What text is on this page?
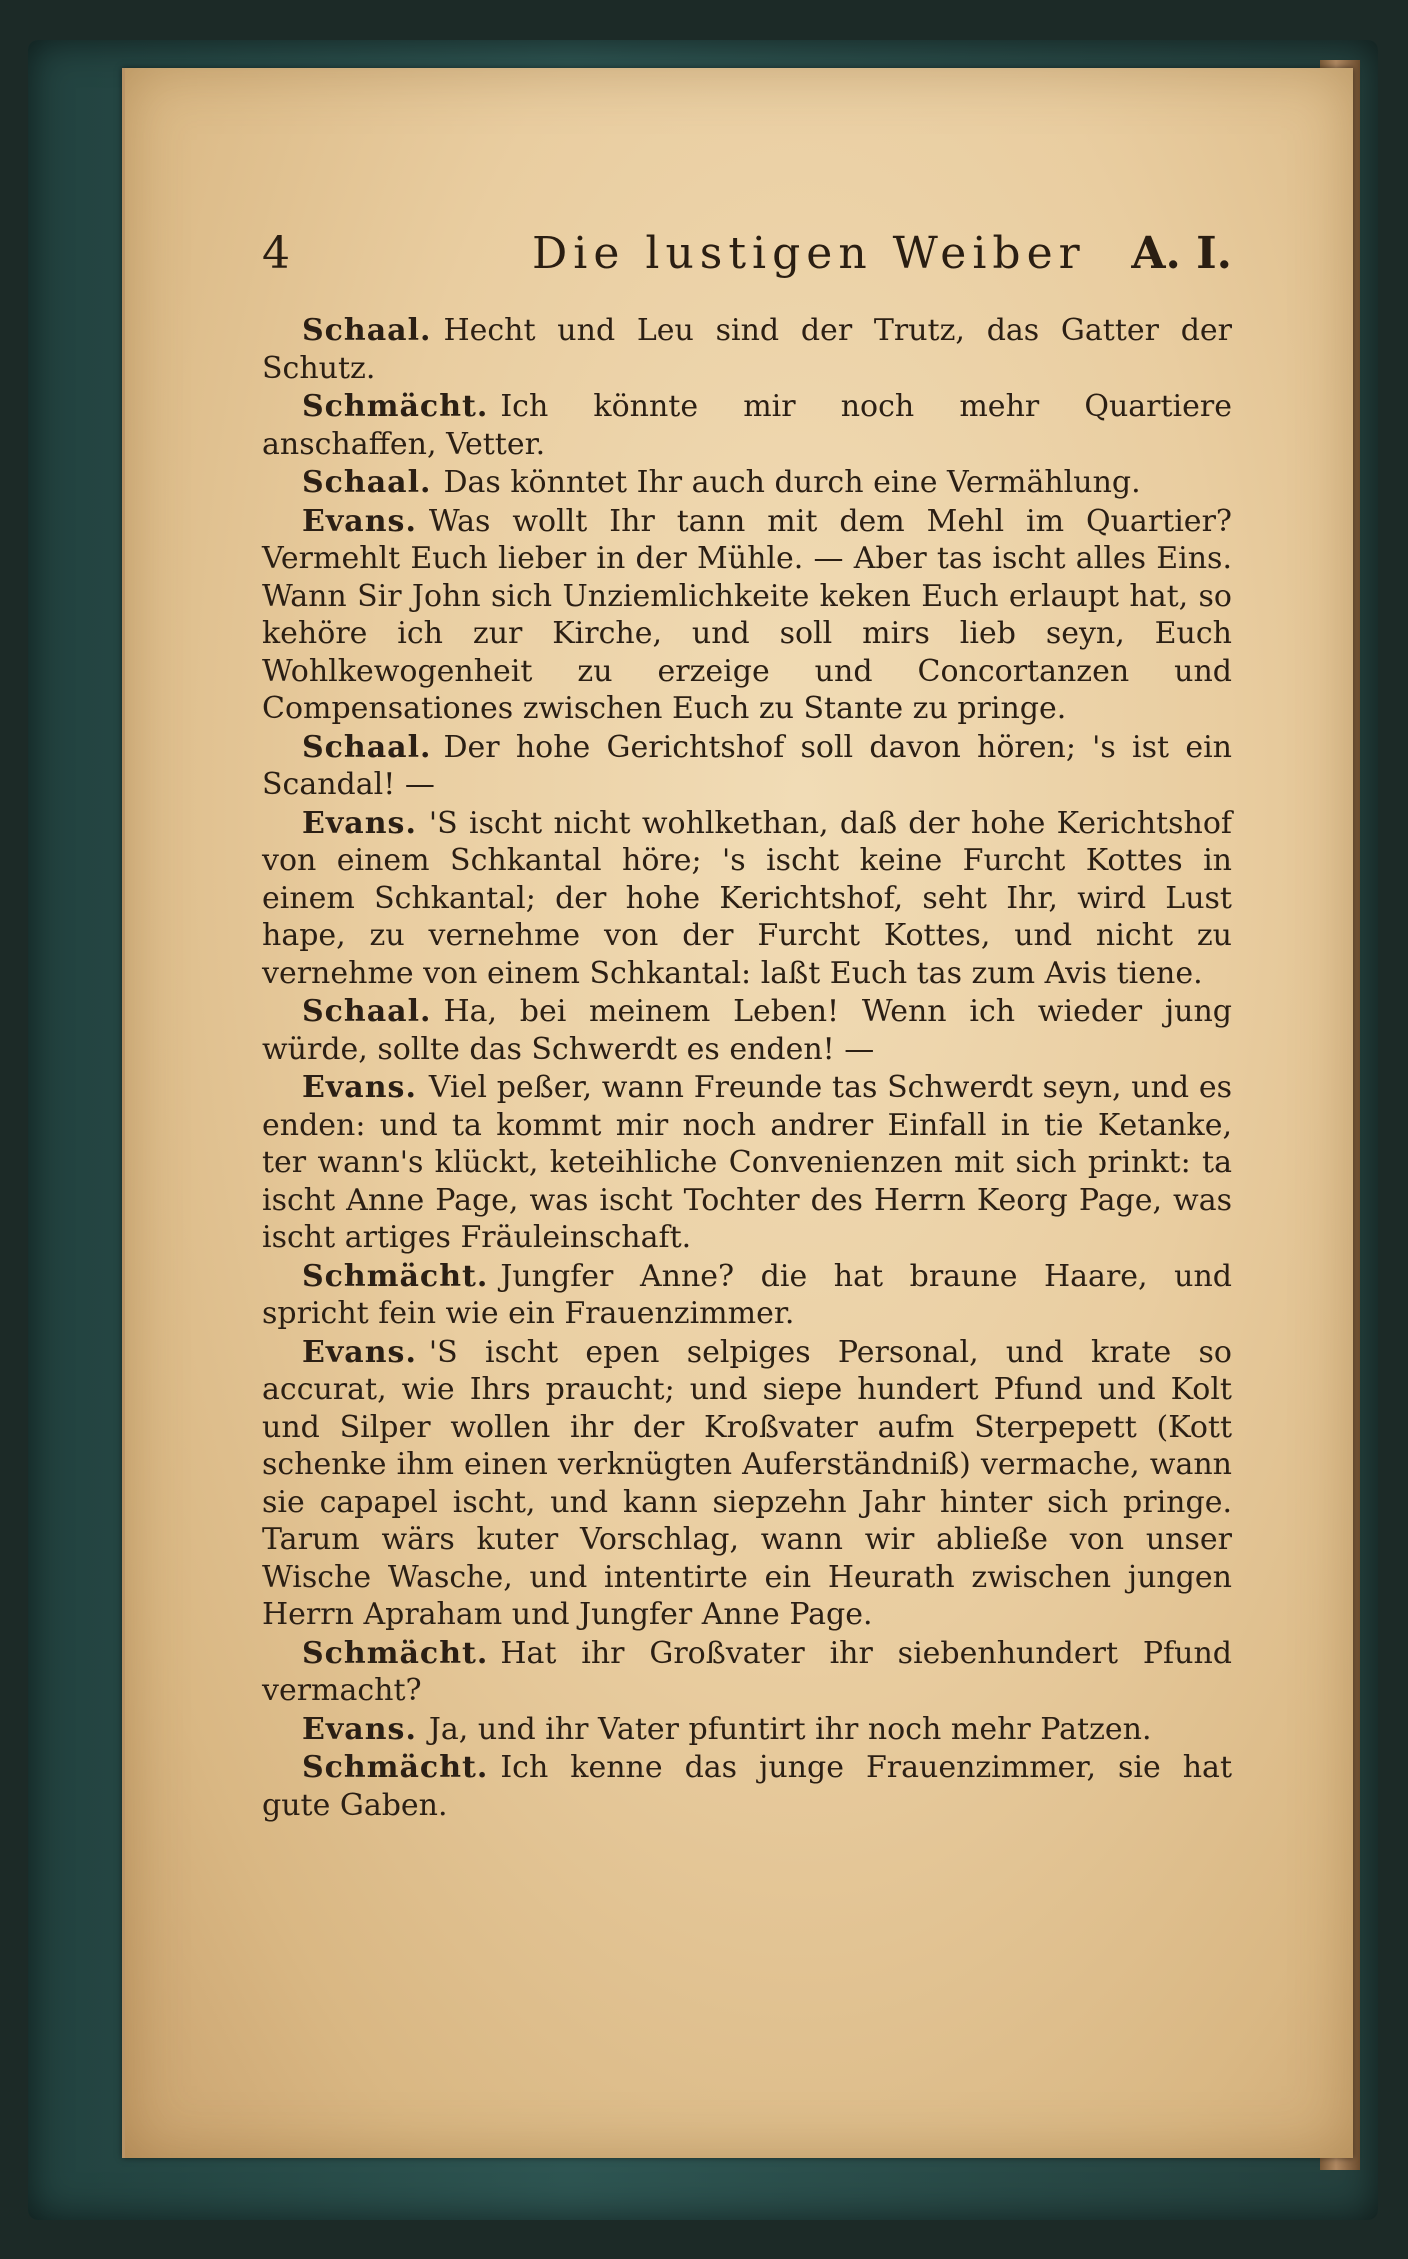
4	Die lustigen Weiber A. I.

Schaal. Hecht und Leu sind der Trutz, das Gatter der Schutz.

Schmächt. Ich könnte mir noch mehr Quartiere anschaffen, Vetter.

Schaal. Das könntet Ihr auch durch eine Vermählung.

Evans. Was wollt Ihr tann mit dem Mehl im Quartier? Vermehlt Euch lieber in der Mühle. — Aber tas ischt alles Eins. Wann Sir John sich Unziemlichkeite keken Euch erlaupt hat, so kehöre ich zur Kirche, und soll mirs lieb seyn, Euch Wohlkewogenheit zu erzeige und Concortanzen und Compensationes zwischen Euch zu Stante zu pringe.

Schaal. Der hohe Gerichtshof soll davon hören; 's ist ein Scandal! —

Evans. 'S ischt nicht wohlkethan, daß der hohe Kerichtshof von einem Schkantal höre; 's ischt keine Furcht Kottes in einem Schkantal; der hohe Kerichtshof, seht Ihr, wird Lust hape, zu vernehme von der Furcht Kottes, und nicht zu vernehme von einem Schkantal: laßt Euch tas zum Avis tiene.

Schaal. Ha, bei meinem Leben! Wenn ich wieder jung würde, sollte das Schwerdt es enden! —

Evans. Viel peßer, wann Freunde tas Schwerdt seyn, und es enden: und ta kommt mir noch andrer Einfall in tie Ketanke, ter wann's klückt, keteihliche Convenienzen mit sich prinkt: ta ischt Anne Page, was ischt Tochter des Herrn Keorg Page, was ischt artiges Fräuleinschaft.

Schmächt. Jungfer Anne? die hat braune Haare, und spricht fein wie ein Frauenzimmer.

Evans. 'S ischt epen selpiges Personal, und krate so accurat, wie Ihrs praucht; und siepe hundert Pfund und Kolt und Silper wollen ihr der Kroßvater aufm Sterpepett (Kott schenke ihm einen verknügten Auferständniß) vermache, wann sie capapel ischt, und kann siepzehn Jahr hinter sich pringe. Tarum wärs kuter Vorschlag, wann wir abließe von unser Wische Wasche, und intentirte ein Heurath zwischen jungen Herrn Apraham und Jungfer Anne Page.

Schmächt. Hat ihr Großvater ihr siebenhundert Pfund vermacht?

Evans. Ja, und ihr Vater pfuntirt ihr noch mehr Patzen.

Schmächt. Ich kenne das junge Frauenzimmer, sie hat gute Gaben.
